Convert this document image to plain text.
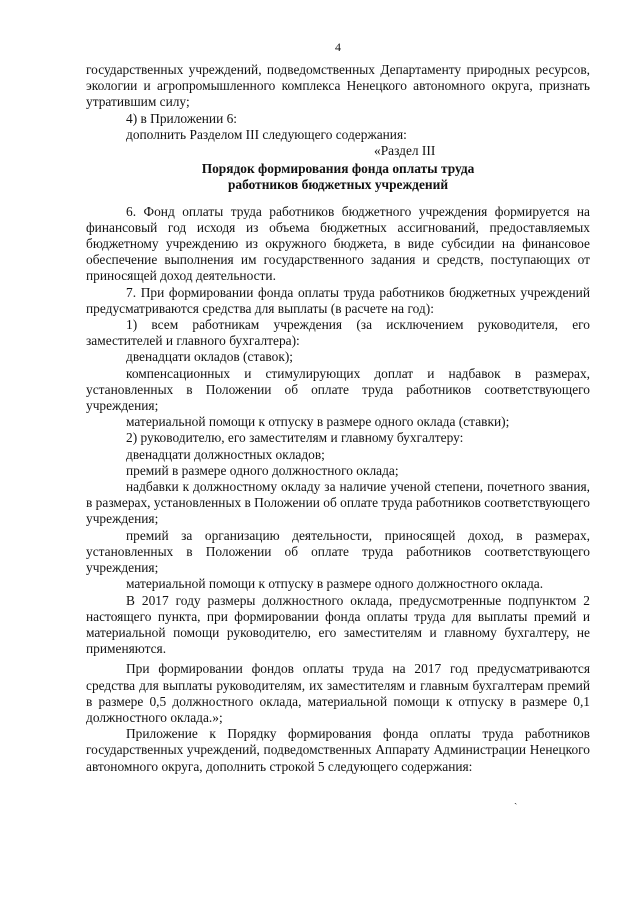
4

государственных учреждений, подведомственных Департаменту природных ресурсов, экологии и агропромышленного комплекса Ненецкого автономного округа, признать утратившим силу;

4) в Приложении 6:

дополнить Разделом III следующего содержания:

«Раздел III
Порядок формирования фонда оплаты труда
работников бюджетных учреждений

6. Фонд оплаты труда работников бюджетного учреждения формируется на финансовый год исходя из объема бюджетных ассигнований, предоставляемых бюджетному учреждению из окружного бюджета, в виде субсидии на финансовое обеспечение выполнения им государственного задания и средств, поступающих от приносящей доход деятельности.

7. При формировании фонда оплаты труда работников бюджетных учреждений предусматриваются средства для выплаты (в расчете на год):

1) всем работникам учреждения (за исключением руководителя, его заместителей и главного бухгалтера):

двенадцати окладов (ставок);

компенсационных и стимулирующих доплат и надбавок в размерах, установленных в Положении об оплате труда работников соответствующего учреждения;

материальной помощи к отпуску в размере одного оклада (ставки);

2) руководителю, его заместителям и главному бухгалтеру:

двенадцати должностных окладов;

премий в размере одного должностного оклада;

надбавки к должностному окладу за наличие ученой степени, почетного звания, в размерах, установленных в Положении об оплате труда работников соответствующего учреждения;

премий за организацию деятельности, приносящей доход, в размерах, установленных в Положении об оплате труда работников соответствующего учреждения;

материальной помощи к отпуску в размере одного должностного оклада.

В 2017 году размеры должностного оклада, предусмотренные подпунктом 2 настоящего пункта, при формировании фонда оплаты труда для выплаты премий и материальной помощи руководителю, его заместителям и главному бухгалтеру, не применяются.

При формировании фондов оплаты труда на 2017 год предусматриваются средства для выплаты руководителям, их заместителям и главным бухгалтерам премий в размере 0,5 должностного оклада, материальной помощи к отпуску в размере 0,1 должностного оклада.»;

Приложение к Порядку формирования фонда оплаты труда работников государственных учреждений, подведомственных Аппарату Администрации Ненецкого автономного округа, дополнить строкой 5 следующего содержания:

ˎ
